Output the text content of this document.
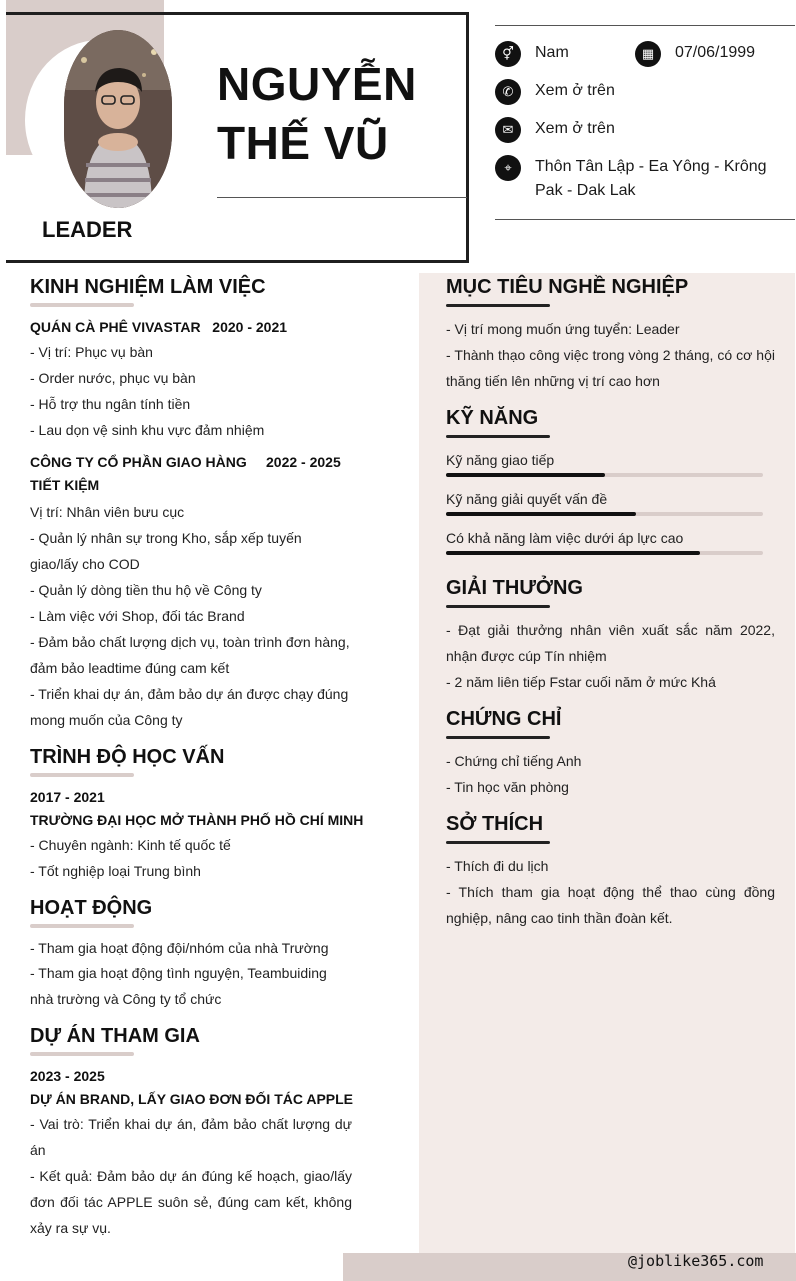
NGUYỄN
THẾ VŨ
LEADER
⚥	Nam	▦	07/06/1999
✆	Xem ở trên
✉	Xem ở trên
⌖	Thôn Tân Lập - Ea Yông - Krông
Pak - Dak Lak
@joblike365.com
KINH NGHIỆM LÀM VIỆC
QUÁN CÀ PHÊ VIVASTAR 2020 - 2021
- Vị trí: Phục vụ bàn
- Order nước, phục vụ bàn
- Hỗ trợ thu ngân tính tiền
- Lau dọn vệ sinh khu vực đảm nhiệm
CÔNG TY CỔ PHẦN GIAO HÀNG
TIẾT KIỆM
2022 - 2025
Vị trí: Nhân viên bưu cục
- Quản lý nhân sự trong Kho, sắp xếp tuyến giao/lấy cho COD
- Quản lý dòng tiền thu hộ về Công ty
- Làm việc với Shop, đối tác Brand
- Đảm bảo chất lượng dịch vụ, toàn trình đơn hàng, đảm bảo leadtime đúng cam kết
- Triển khai dự án, đảm bảo dự án được chạy đúng mong muốn của Công ty
TRÌNH ĐỘ HỌC VẤN
2017 - 2021
TRƯỜNG ĐẠI HỌC MỞ THÀNH PHỐ HỒ CHÍ MINH
- Chuyên ngành: Kinh tế quốc tế
- Tốt nghiệp loại Trung bình
HOẠT ĐỘNG
- Tham gia hoạt động đội/nhóm của nhà Trường
- Tham gia hoạt động tình nguyện, Teambuiding nhà trường và Công ty tổ chức
DỰ ÁN THAM GIA
2023 - 2025
DỰ ÁN BRAND, LẤY GIAO ĐƠN ĐỐI TÁC APPLE
- Vai trò: Triển khai dự án, đảm bảo chất lượng dự án
- Kết quả: Đảm bảo dự án đúng kế hoạch, giao/lấy đơn đối tác APPLE suôn sẻ, đúng cam kết, không xảy ra sự vụ.
MỤC TIÊU NGHỀ NGHIỆP
- Vị trí mong muốn ứng tuyển: Leader
- Thành thạo công việc trong vòng 2 tháng, có cơ hội thăng tiến lên những vị trí cao hơn
KỸ NĂNG
Kỹ năng giao tiếp
Kỹ năng giải quyết vấn đề
Có khả năng làm việc dưới áp lực cao
GIẢI THƯỞNG
- Đạt giải thưởng nhân viên xuất sắc năm 2022, nhận được cúp Tín nhiệm
- 2 năm liên tiếp Fstar cuối năm ở mức Khá
CHỨNG CHỈ
- Chứng chỉ tiếng Anh
- Tin học văn phòng
SỞ THÍCH
- Thích đi du lịch
- Thích tham gia hoạt động thể thao cùng đồng nghiệp, nâng cao tinh thần đoàn kết.
